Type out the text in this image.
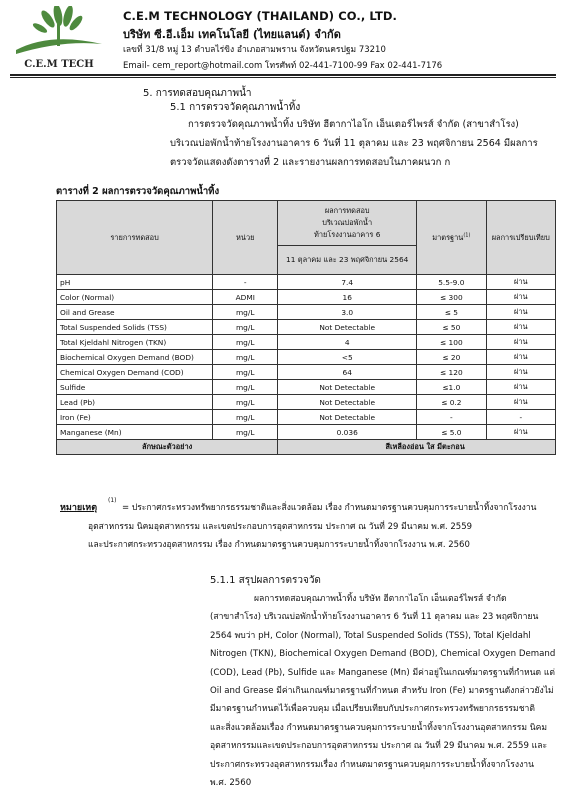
C.E.M TECH
C.E.M TECHNOLOGY (THAILAND) CO., LTD.
บริษัท ซี.อี.เอ็ม เทคโนโลยี (ไทยแลนด์) จำกัด
เลขที่ 31/8 หมู่ 13 ตำบลไร่ขิง อำเภอสามพราน จังหวัดนครปฐม 73210
Email- cem_report@hotmail.com โทรศัพท์ 02-441-7100-99 Fax 02-441-7176
5. การทดสอบคุณภาพน้ำ
5.1 การตรวจวัดคุณภาพน้ำทิ้ง
การตรวจวัดคุณภาพน้ำทิ้ง บริษัท ฮีตากาไอโก เอ็นเตอร์ไพรส์ จำกัด (สาขาสำโรง)
บริเวณบ่อพักน้ำท้ายโรงงานอาคาร 6 วันที่ 11 ตุลาคม และ 23 พฤศจิกายน 2564 มีผลการ
ตรวจวัดแสดงดังตารางที่ 2 และรายงานผลการทดสอบในภาคผนวก ก
ตารางที่ 2 ผลการตรวจวัดคุณภาพน้ำทิ้ง
รายการทดสอบ	หน่วย	ผลการทดสอบ
บริเวณบ่อพักน้ำ
ท้ายโรงงานอาคาร 6	มาตรฐาน$^{(1)}$	ผลการเปรียบเทียบ
		11 ตุลาคม และ 23 พฤศจิกายน 2564		
pH	-	7.4	5.5-9.0	ผ่าน
Color (Normal)	ADMI	16	≤ 300	ผ่าน
Oil and Grease	mg/L	3.0	≤ 5	ผ่าน
Total Suspended Solids (TSS)	mg/L	Not Detectable	≤ 50	ผ่าน
Total Kjeldahl Nitrogen (TKN)	mg/L	4	≤ 100	ผ่าน
Biochemical Oxygen Demand (BOD)	mg/L	<5	≤ 20	ผ่าน
Chemical Oxygen Demand (COD)	mg/L	64	≤ 120	ผ่าน
Sulfide	mg/L	Not Detectable	≤1.0	ผ่าน
Lead (Pb)	mg/L	Not Detectable	≤ 0.2	ผ่าน
Iron (Fe)	mg/L	Not Detectable	-	-
Manganese (Mn)	mg/L	0.036	≤ 5.0	ผ่าน
ลักษณะตัวอย่าง		สีเหลืองอ่อน ใส มีตะกอน		
หมายเหตุ
(1)
= ประกาศกระทรวงทรัพยากรธรรมชาติและสิ่งแวดล้อม เรื่อง กำหนดมาตรฐานควบคุมการระบายน้ำทิ้งจากโรงงาน
อุตสาหกรรม นิคมอุตสาหกรรม และเขตประกอบการอุตสาหกรรม ประกาศ ณ วันที่ 29 มีนาคม พ.ศ. 2559
และประกาศกระทรวงอุตสาหกรรม เรื่อง กำหนดมาตรฐานควบคุมการระบายน้ำทิ้งจากโรงงาน พ.ศ. 2560
5.1.1 สรุปผลการตรวจวัด
ผลการทดสอบคุณภาพน้ำทิ้ง บริษัท ฮีตากาไอโก เอ็นเตอร์ไพรส์ จำกัด
(สาขาสำโรง) บริเวณบ่อพักน้ำท้ายโรงงานอาคาร 6 วันที่ 11 ตุลาคม และ 23 พฤศจิกายน
2564 พบว่า pH, Color (Normal), Total Suspended Solids (TSS), Total Kjeldahl
Nitrogen (TKN), Biochemical Oxygen Demand (BOD), Chemical Oxygen Demand
(COD), Lead (Pb), Sulfide และ Manganese (Mn) มีค่าอยู่ในเกณฑ์มาตรฐานที่กำหนด แต่
Oil and Grease มีค่าเกินเกณฑ์มาตรฐานที่กำหนด สำหรับ Iron (Fe) มาตรฐานดังกล่าวยังไม่
มีมาตรฐานกำหนดไว้เพื่อควบคุม เมื่อเปรียบเทียบกับประกาศกระทรวงทรัพยากรธรรมชาติ
และสิ่งแวดล้อมเรื่อง กำหนดมาตรฐานควบคุมการระบายน้ำทิ้งจากโรงงานอุตสาหกรรม นิคม
อุตสาหกรรมและเขตประกอบการอุตสาหกรรม ประกาศ ณ วันที่ 29 มีนาคม พ.ศ. 2559 และ
ประกาศกระทรวงอุตสาหกรรมเรื่อง กำหนดมาตรฐานควบคุมการระบายน้ำทิ้งจากโรงงาน
พ.ศ. 2560
